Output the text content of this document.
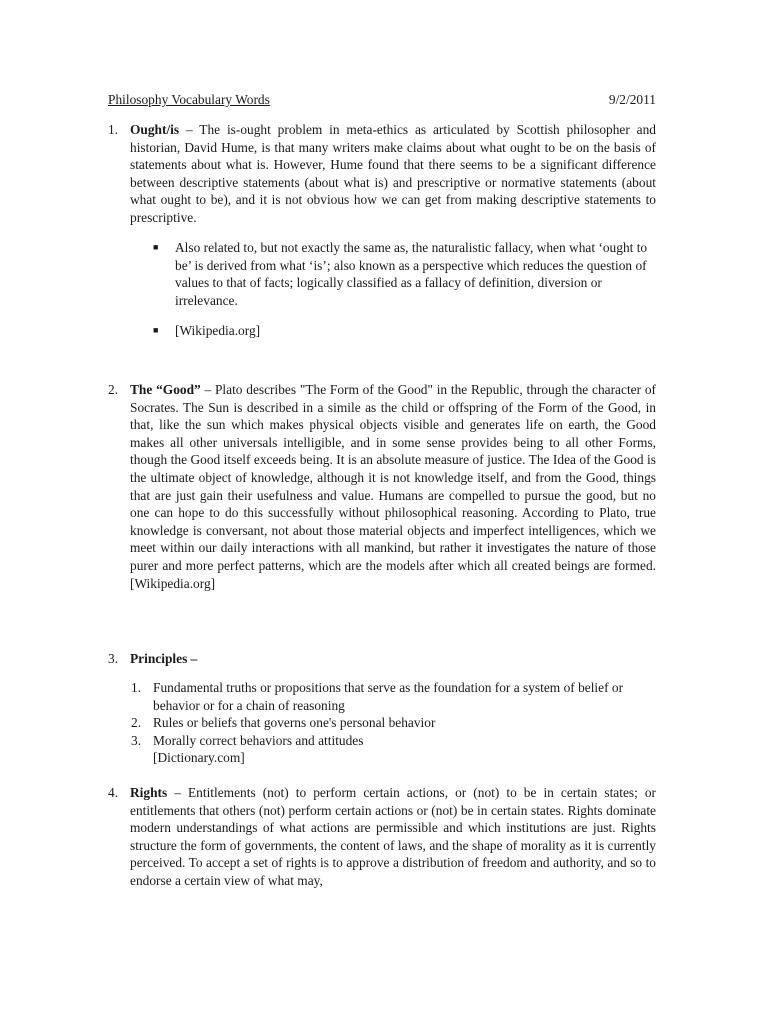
Philosophy Vocabulary Words	9/2/2011
1. Ought/is – The is-ought problem in meta-ethics as articulated by Scottish philosopher and historian, David Hume, is that many writers make claims about what ought to be on the basis of statements about what is. However, Hume found that there seems to be a significant difference between descriptive statements (about what is) and prescriptive or normative statements (about what ought to be), and it is not obvious how we can get from making descriptive statements to prescriptive.
■ Also related to, but not exactly the same as, the naturalistic fallacy, when what ‘ought to be’ is derived from what ‘is’; also known as a perspective which reduces the question of values to that of facts; logically classified as a fallacy of definition, diversion or irrelevance.
■ [Wikipedia.org]
2. The “Good” – Plato describes "The Form of the Good" in the Republic, through the character of Socrates. The Sun is described in a simile as the child or offspring of the Form of the Good, in that, like the sun which makes physical objects visible and generates life on earth, the Good makes all other universals intelligible, and in some sense provides being to all other Forms, though the Good itself exceeds being. It is an absolute measure of justice. The Idea of the Good is the ultimate object of knowledge, although it is not knowledge itself, and from the Good, things that are just gain their usefulness and value. Humans are compelled to pursue the good, but no one can hope to do this successfully without philosophical reasoning. According to Plato, true knowledge is conversant, not about those material objects and imperfect intelligences, which we meet within our daily interactions with all mankind, but rather it investigates the nature of those purer and more perfect patterns, which are the models after which all created beings are formed. [Wikipedia.org]
3. Principles –
1. Fundamental truths or propositions that serve as the foundation for a system of belief or behavior or for a chain of reasoning
2. Rules or beliefs that governs one's personal behavior
3. Morally correct behaviors and attitudes
[Dictionary.com]
4. Rights – Entitlements (not) to perform certain actions, or (not) to be in certain states; or entitlements that others (not) perform certain actions or (not) be in certain states. Rights dominate modern understandings of what actions are permissible and which institutions are just. Rights structure the form of governments, the content of laws, and the shape of morality as it is currently perceived. To accept a set of rights is to approve a distribution of freedom and authority, and so to endorse a certain view of what may,
